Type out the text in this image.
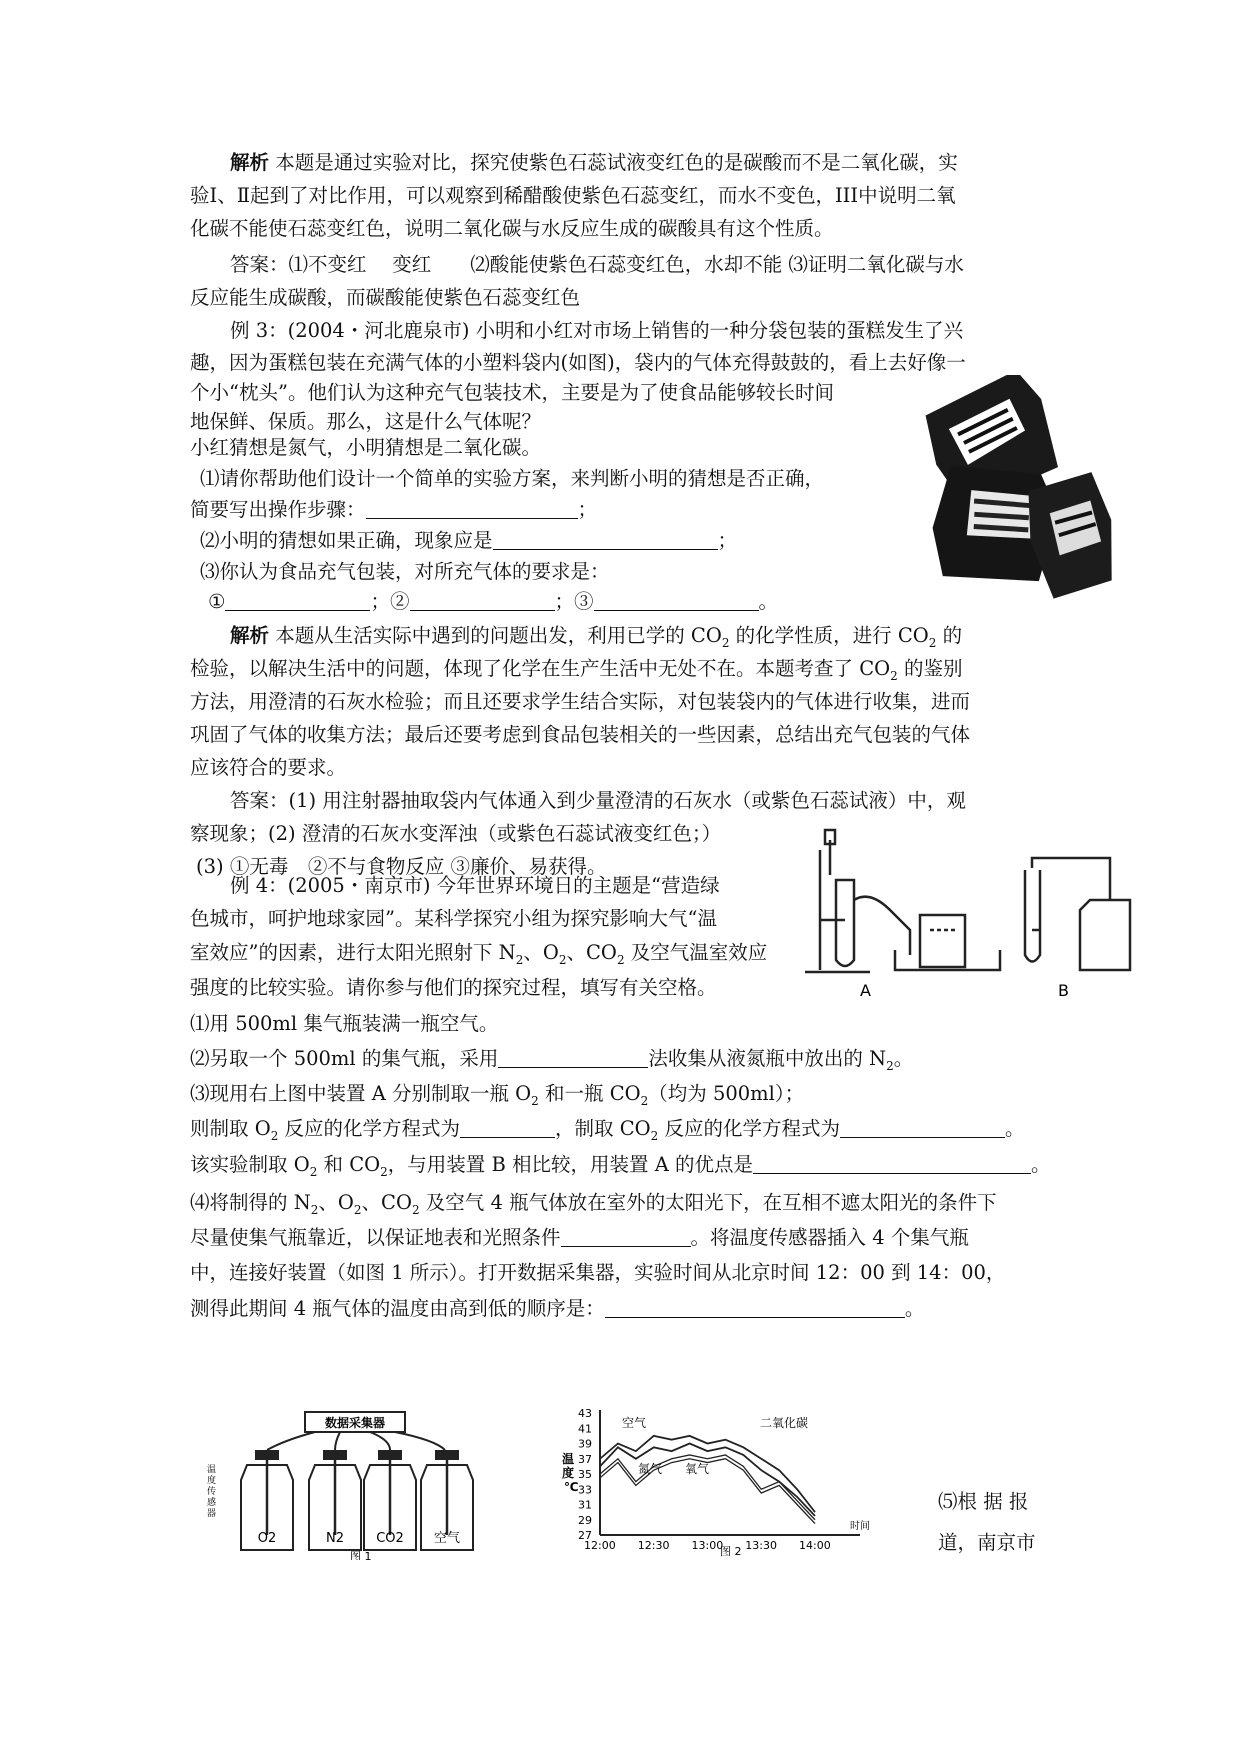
解析 本题是通过实验对比，探究使紫色石蕊试液变红色的是碳酸而不是二氧化碳，实
验Ⅰ、Ⅱ起到了对比作用，可以观察到稀醋酸使紫色石蕊变红，而水不变色，III中说明二氧
化碳不能使石蕊变红色，说明二氧化碳与水反应生成的碳酸具有这个性质。
答案：⑴不变红　 变红　　⑵酸能使紫色石蕊变红色，水却不能 ⑶证明二氧化碳与水
反应能生成碳酸，而碳酸能使紫色石蕊变红色
例 3：(2004・河北鹿泉市) 小明和小红对市场上销售的一种分袋包装的蛋糕发生了兴
趣，因为蛋糕包装在充满气体的小塑料袋内(如图)，袋内的气体充得鼓鼓的，看上去好像一
个小“枕头”。他们认为这种充气包装技术，主要是为了使食品能够较长时间
地保鲜、保质。那么，这是什么气体呢？
小红猜想是氮气，小明猜想是二氧化碳。
⑴请你帮助他们设计一个简单的实验方案，来判断小明的猜想是否正确，
简要写出操作步骤：	；
⑵小明的猜想如果正确，现象应是	；
⑶你认为食品充气包装，对所充气体的要求是：
①	；②	；③	。
解析 本题从生活实际中遇到的问题出发，利用已学的 $CO_2$ 的化学性质，进行 $CO_2$ 的
检验，以解决生活中的问题，体现了化学在生产生活中无处不在。本题考查了 $CO_2$ 的鉴别
方法，用澄清的石灰水检验；而且还要求学生结合实际，对包装袋内的气体进行收集，进而
巩固了气体的收集方法；最后还要考虑到食品包装相关的一些因素，总结出充气包装的气体
应该符合的要求。
答案：(1) 用注射器抽取袋内气体通入到少量澄清的石灰水（或紫色石蕊试液）中，观
察现象；(2) 澄清的石灰水变浑浊（或紫色石蕊试液变红色；）
(3) ①无毒　②不与食物反应 ③廉价、易获得。
A	B
例 4：(2005・南京市) 今年世界环境日的主题是“营造绿
色城市，呵护地球家园”。某科学探究小组为探究影响大气“温
室效应”的因素，进行太阳光照射下 $N_2$、$O_2$、$CO_2$ 及空气温室效应
强度的比较实验。请你参与他们的探究过程，填写有关空格。
⑴用 500ml 集气瓶装满一瓶空气。
⑵另取一个 500ml 的集气瓶，采用	法收集从液氮瓶中放出的 $N_2$。
⑶现用右上图中装置 A 分别制取一瓶 $O_2$ 和一瓶 $CO_2$（均为 500ml）；
则制取 $O_2$ 反应的化学方程式为	，制取 $CO_2$ 反应的化学方程式为	。
该实验制取 $O_2$ 和 $CO_2$，与用装置 B 相比较，用装置 A 的优点是	。
⑷将制得的 $N_2$、$O_2$、$CO_2$ 及空气 4 瓶气体放在室外的太阳光下，在互相不遮太阳光的条件下
尽量使集气瓶靠近，以保证地表和光照条件	。将温度传感器插入 4 个集气瓶
中，连接好装置（如图 1 所示）。打开数据采集器，实验时间从北京时间 12：00 到 14：00，
测得此期间 4 瓶气体的温度由高到低的顺序是：	。
数据采集器
温
度
传
感
器
O2	N2 CO2 空气
图 1
温
度
℃
27
29
31
33
35
37
39
41
43
12:00 12:30 13:00 13:30 14:00
时间
空气	二氧化碳
氮气 氧气
图 2
⑸根 据 报
道，南京市
